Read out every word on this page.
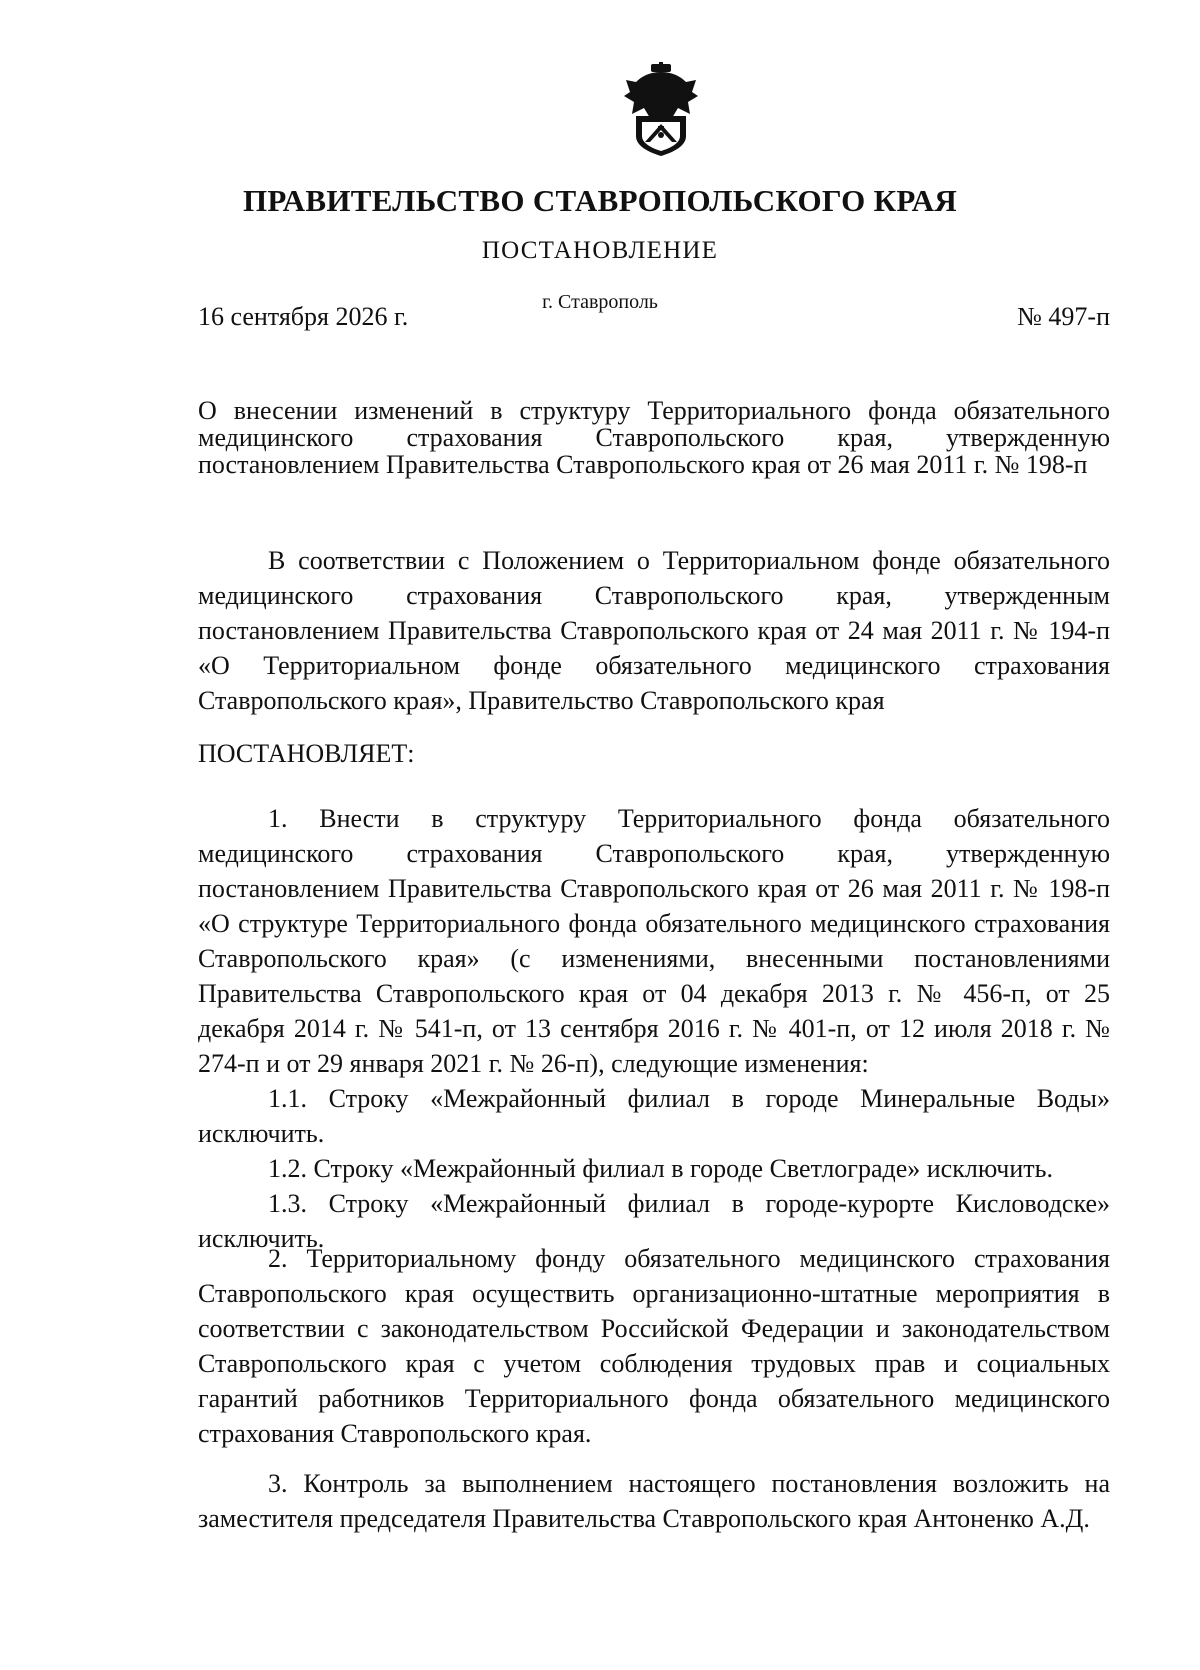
ПРАВИТЕЛЬСТВО СТАВРОПОЛЬСКОГО КРАЯ
ПОСТАНОВЛЕНИЕ
16 сентября 2026 г.	г. Ставрополь	№ 497-п
О внесении изменений в структуру Территориального фонда обязательного медицинского страхования Ставропольского края, утвержденную постановлением Правительства Ставропольского края от 26 мая 2011 г. № 198-п

В соответствии с Положением о Территориальном фонде обязательного медицинского страхования Ставропольского края, утвержденным постановлением Правительства Ставропольского края от 24 мая 2011 г. № 194-п «О Территориальном фонде обязательного медицинского страхования Ставропольского края», Правительство Ставропольского края

ПОСТАНОВЛЯЕТ:

1. Внести в структуру Территориального фонда обязательного медицинского страхования Ставропольского края, утвержденную постановлением Правительства Ставропольского края от 26 мая 2011 г. № 198-п «О структуре Территориального фонда обязательного медицинского страхования Ставропольского края» (с изменениями, внесенными постановлениями Правительства Ставропольского края от 04 декабря 2013 г. № 456-п, от 25 декабря 2014 г. № 541-п, от 13 сентября 2016 г. № 401-п, от 12 июля 2018 г. № 274-п и от 29 января 2021 г. № 26-п), следующие изменения:

1.1. Строку «Межрайонный филиал в городе Минеральные Воды» исключить.

1.2. Строку «Межрайонный филиал в городе Светлограде» исключить.

1.3. Строку «Межрайонный филиал в городе-курорте Кисловодске» исключить.

2. Территориальному фонду обязательного медицинского страхования Ставропольского края осуществить организационно-штатные мероприятия в соответствии с законодательством Российской Федерации и законодательством Ставропольского края с учетом соблюдения трудовых прав и социальных гарантий работников Территориального фонда обязательного медицинского страхования Ставропольского края.

3. Контроль за выполнением настоящего постановления возложить на заместителя председателя Правительства Ставропольского края Антоненко А.Д.
